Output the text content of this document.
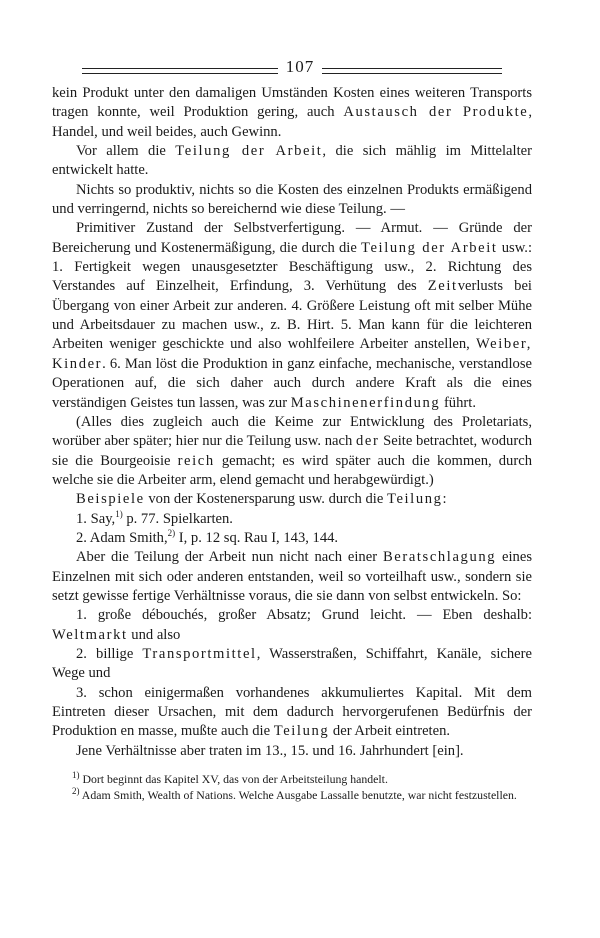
107

kein Produkt unter den damaligen Umständen Kosten eines weiteren Transports tragen konnte, weil Produktion gering, auch Austausch der Produkte, Handel, und weil beides, auch Gewinn.

Vor allem die Teilung der Arbeit, die sich mählig im Mittelalter entwickelt hatte.

Nichts so produktiv, nichts so die Kosten des einzelnen Produkts ermäßigend und verringernd, nichts so bereichernd wie diese Teilung. —

Primitiver Zustand der Selbstverfertigung. — Armut. — Gründe der Bereicherung und Kostenermäßigung, die durch die Teilung der Arbeit usw.: 1. Fertigkeit wegen unausgesetzter Beschäftigung usw., 2. Richtung des Verstandes auf Einzelheit, Erfindung, 3. Verhütung des Zeitverlusts bei Übergang von einer Arbeit zur anderen. 4. Größere Leistung oft mit selber Mühe und Arbeitsdauer zu machen usw., z. B. Hirt. 5. Man kann für die leichteren Arbeiten weniger geschickte und also wohlfeilere Arbeiter anstellen, Weiber, Kinder. 6. Man löst die Produktion in ganz einfache, mechanische, verstandlose Operationen auf, die sich daher auch durch andere Kraft als die eines verständigen Geistes tun lassen, was zur Maschinenerfindung führt.

(Alles dies zugleich auch die Keime zur Entwicklung des Proletariats, worüber aber später; hier nur die Teilung usw. nach der Seite betrachtet, wodurch sie die Bourgeoisie reich gemacht; es wird später auch die kommen, durch welche sie die Arbeiter arm, elend gemacht und herabgewürdigt.)

Beispiele von der Kostenersparung usw. durch die Teilung:

1. Say,$^{1)}$ p. 77. Spielkarten.

2. Adam Smith,$^{2)}$ I, p. 12 sq. Rau I, 143, 144.

Aber die Teilung der Arbeit nun nicht nach einer Beratschlagung eines Einzelnen mit sich oder anderen entstanden, weil so vorteilhaft usw., sondern sie setzt gewisse fertige Verhältnisse voraus, die sie dann von selbst entwickeln. So:

1. große débouchés, großer Absatz; Grund leicht. — Eben deshalb: Weltmarkt und also

2. billige Transportmittel, Wasserstraßen, Schiffahrt, Kanäle, sichere Wege und

3. schon einigermaßen vorhandenes akkumuliertes Kapital. Mit dem Eintreten dieser Ursachen, mit dem dadurch hervorgerufenen Bedürfnis der Produktion en masse, mußte auch die Teilung der Arbeit eintreten.

Jene Verhältnisse aber traten im 13., 15. und 16. Jahrhundert [ein].

$^{1)}$ Dort beginnt das Kapitel XV, das von der Arbeitsteilung handelt.

$^{2)}$ Adam Smith, Wealth of Nations. Welche Ausgabe Lassalle benutzte, war nicht festzustellen.
